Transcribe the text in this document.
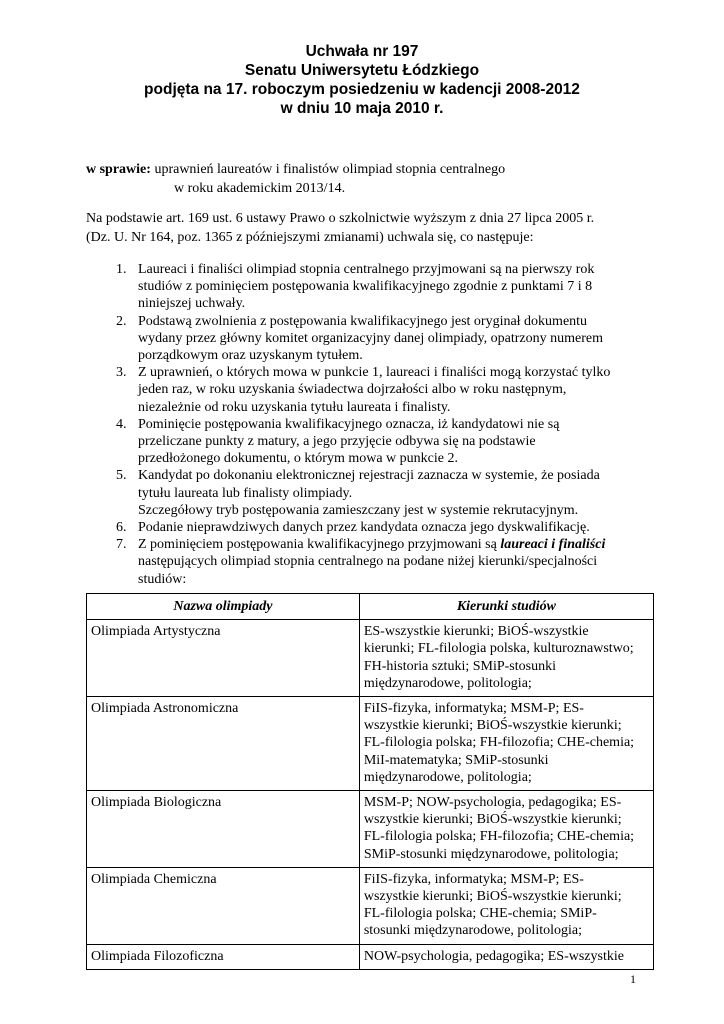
Uchwała nr 197
Senatu Uniwersytetu Łódzkiego
podjęta na 17. roboczym posiedzeniu w kadencji 2008-2012
w dniu 10 maja 2010 r.
w sprawie: uprawnień laureatów i finalistów olimpiad stopnia centralnego
w roku akademickim 2013/14.
Na podstawie art. 169 ust. 6 ustawy Prawo o szkolnictwie wyższym z dnia 27 lipca 2005 r.
(Dz. U. Nr 164, poz. 1365 z późniejszymi zmianami) uchwala się, co następuje:
1. Laureaci i finaliści olimpiad stopnia centralnego przyjmowani są na pierwszy rok
studiów z pominięciem postępowania kwalifikacyjnego zgodnie z punktami 7 i 8
niniejszej uchwały.
2. Podstawą zwolnienia z postępowania kwalifikacyjnego jest oryginał dokumentu
wydany przez główny komitet organizacyjny danej olimpiady, opatrzony numerem
porządkowym oraz uzyskanym tytułem.
3. Z uprawnień, o których mowa w punkcie 1, laureaci i finaliści mogą korzystać tylko
jeden raz, w roku uzyskania świadectwa dojrzałości albo w roku następnym,
niezależnie od roku uzyskania tytułu laureata i finalisty.
4. Pominięcie postępowania kwalifikacyjnego oznacza, iż kandydatowi nie są
przeliczane punkty z matury, a jego przyjęcie odbywa się na podstawie
przedłożonego dokumentu, o którym mowa w punkcie 2.
5. Kandydat po dokonaniu elektronicznej rejestracji zaznacza w systemie, że posiada
tytułu laureata lub finalisty olimpiady.
Szczegółowy tryb postępowania zamieszczany jest w systemie rekrutacyjnym.
6. Podanie nieprawdziwych danych przez kandydata oznacza jego dyskwalifikację.
7. Z pominięciem postępowania kwalifikacyjnego przyjmowani są laureaci i finaliści
następujących olimpiad stopnia centralnego na podane niżej kierunki/specjalności
studiów:
Nazwa olimpiady	Kierunki studiów
Olimpiada Artystyczna	ES-wszystkie kierunki; BiOŚ-wszystkie
kierunki; FL-filologia polska, kulturoznawstwo;
FH-historia sztuki; SMiP-stosunki
międzynarodowe, politologia;

Olimpiada Astronomiczna	FiIS-fizyka, informatyka; MSM-P; ES-
wszystkie kierunki; BiOŚ-wszystkie kierunki;
FL-filologia polska; FH-filozofia; CHE-chemia;
MiI-matematyka; SMiP-stosunki
międzynarodowe, politologia;

Olimpiada Biologiczna	MSM-P; NOW-psychologia, pedagogika; ES-
wszystkie kierunki; BiOŚ-wszystkie kierunki;
FL-filologia polska; FH-filozofia; CHE-chemia;
SMiP-stosunki międzynarodowe, politologia;

Olimpiada Chemiczna	FiIS-fizyka, informatyka; MSM-P; ES-
wszystkie kierunki; BiOŚ-wszystkie kierunki;
FL-filologia polska; CHE-chemia; SMiP-
stosunki międzynarodowe, politologia;

Olimpiada Filozoficzna	NOW-psychologia, pedagogika; ES-wszystkie
1
